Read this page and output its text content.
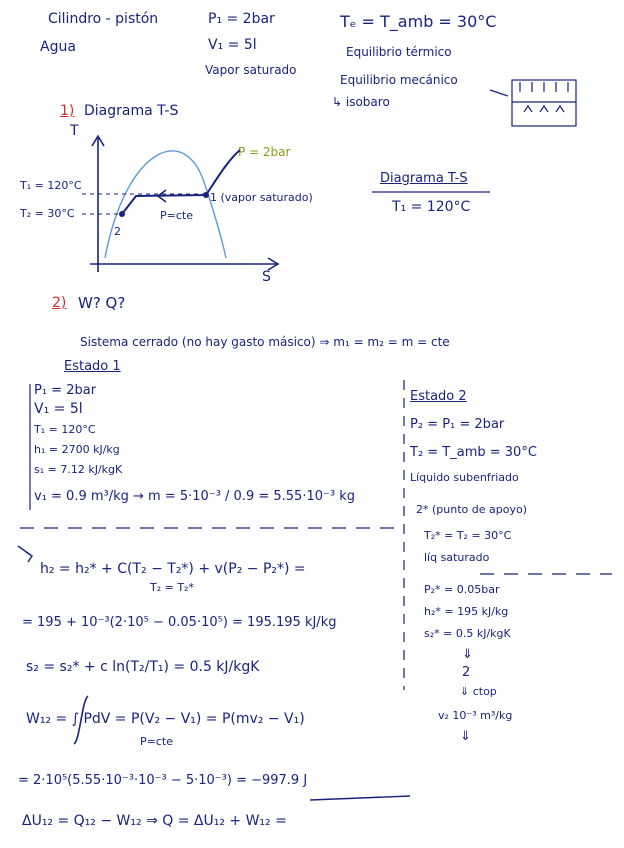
Cilindro - pistón
Agua
P₁ = 2bar
V₁ = 5l
Vapor saturado
Tₑ = T_amb = 30°C
Equilibrio térmico
Equilibrio mecánico
↳ isobaro
1) Diagrama T-S
T
S
T₁ = 120°C
T₂ = 30°C
P = 2bar
P=cte
1 (vapor saturado)
2
Diagrama T-S
T₁ = 120°C
2) W? Q?
Sistema cerrado (no hay gasto másico) ⇒ m₁ = m₂ = m = cte
Estado 1
P₁ = 2bar
V₁ = 5l
T₁ = 120°C
h₁ = 2700 kJ/kg
s₁ = 7.12 kJ/kgK
v₁ = 0.9 m³/kg → m = 5·10⁻³ / 0.9 = 5.55·10⁻³ kg
Estado 2
P₂ = P₁ = 2bar
T₂ = T_amb = 30°C
Líquido subenfriado
2* (punto de apoyo)
T₂* = T₂ = 30°C
líq saturado
P₂* = 0.05bar
h₂* = 195 kJ/kg
s₂* = 0.5 kJ/kgK
⇓
2
⇓ ctop
v₂ 10⁻³ m³/kg
⇓
h₂ = h₂* + C(T₂ − T₂*) + v(P₂ − P₂*) =
T₂ = T₂*
= 195 + 10⁻³(2·10⁵ − 0.05·10⁵) = 195.195 kJ/kg
s₂ = s₂* + c ln(T₂/T₁) = 0.5 kJ/kgK
W₁₂ = ∫ PdV = P(V₂ − V₁) = P(mv₂ − V₁)
P=cte
= 2·10⁵(5.55·10⁻³·10⁻³ − 5·10⁻³) = −997.9 J
ΔU₁₂ = Q₁₂ − W₁₂ ⇒ Q = ΔU₁₂ + W₁₂ =
